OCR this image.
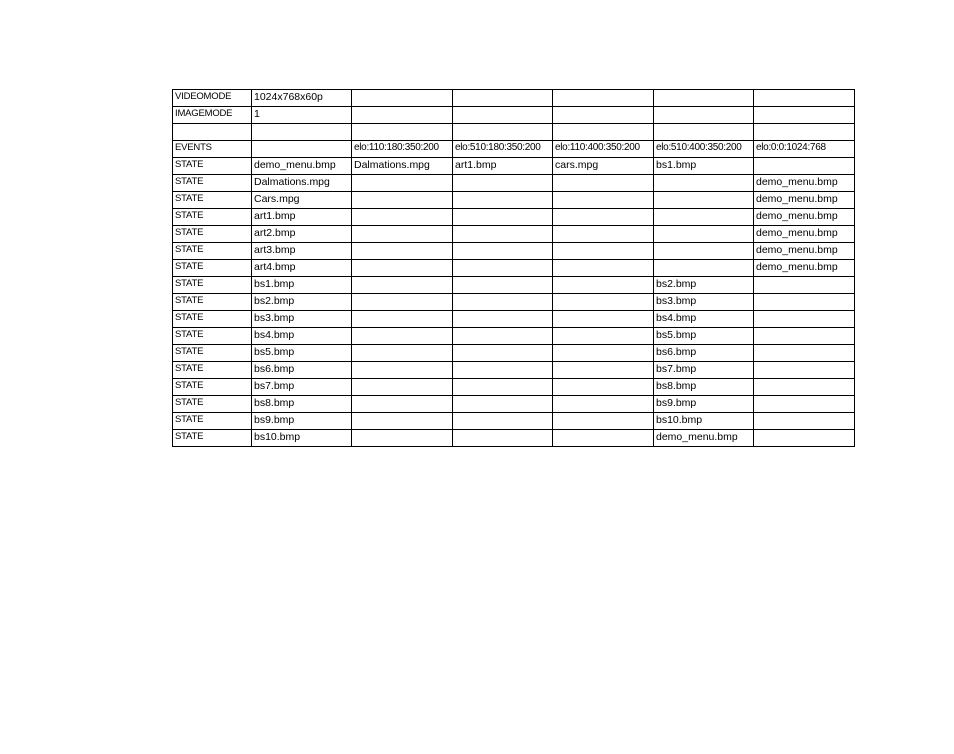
VIDEOMODE	1024x768x60p					
IMAGEMODE	1					

EVENTS		elo:110:180:350:200	elo:510:180:350:200	elo:110:400:350:200	elo:510:400:350:200	elo:0:0:1024:768
STATE	demo_menu.bmp	Dalmations.mpg	art1.bmp	cars.mpg	bs1.bmp	
STATE	Dalmations.mpg					demo_menu.bmp
STATE	Cars.mpg					demo_menu.bmp
STATE	art1.bmp					demo_menu.bmp
STATE	art2.bmp					demo_menu.bmp
STATE	art3.bmp					demo_menu.bmp
STATE	art4.bmp					demo_menu.bmp
STATE	bs1.bmp				bs2.bmp	
STATE	bs2.bmp				bs3.bmp	
STATE	bs3.bmp				bs4.bmp	
STATE	bs4.bmp				bs5.bmp	
STATE	bs5.bmp				bs6.bmp	
STATE	bs6.bmp				bs7.bmp	
STATE	bs7.bmp				bs8.bmp	
STATE	bs8.bmp				bs9.bmp	
STATE	bs9.bmp				bs10.bmp	
STATE	bs10.bmp				demo_menu.bmp	
